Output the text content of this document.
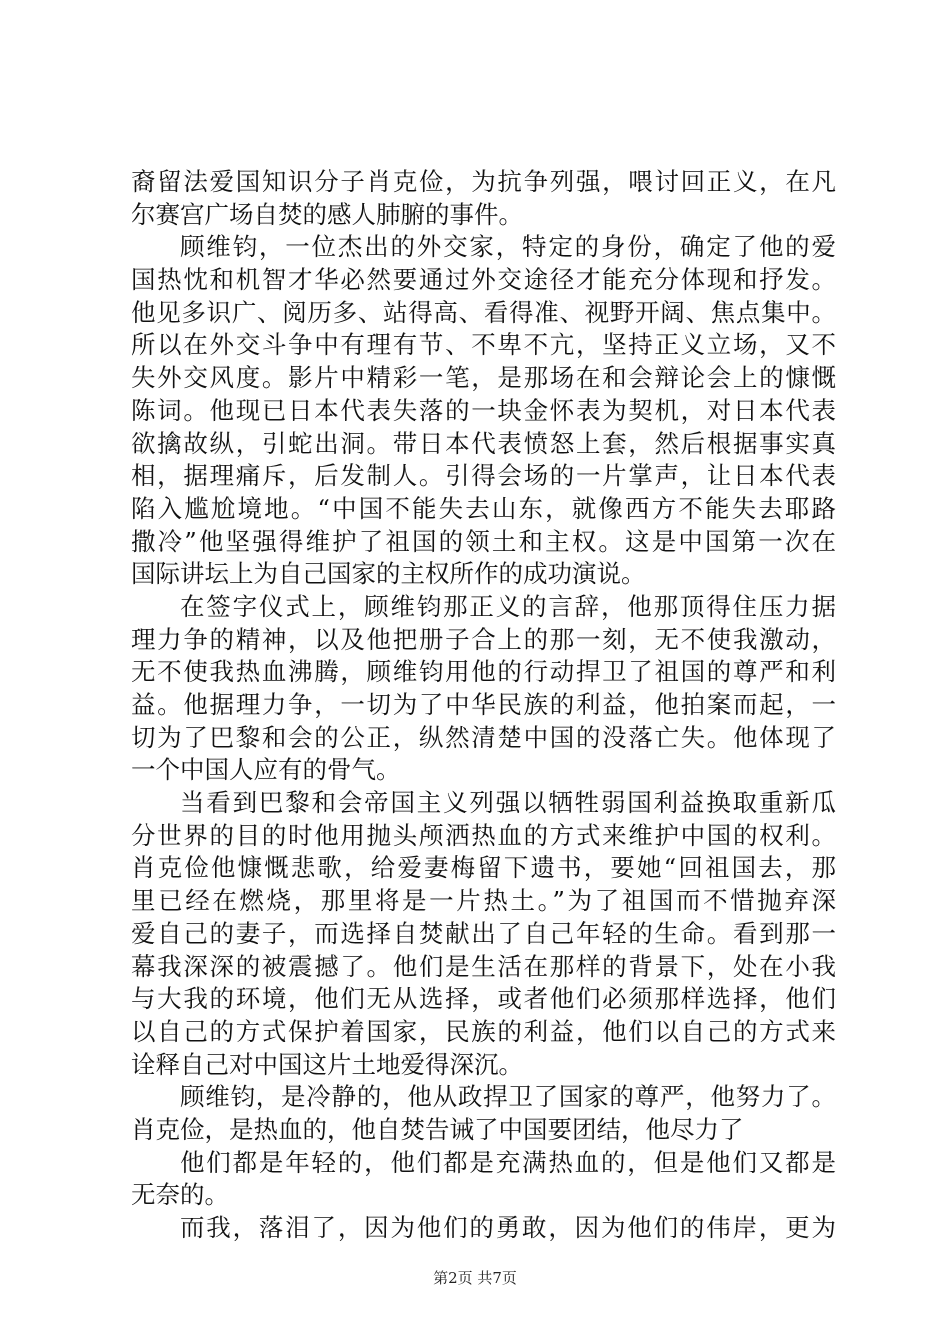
裔留法爱国知识分子肖克俭，为抗争列强，喂讨回正义，在凡
尔赛宫广场自焚的感人肺腑的事件。
顾维钧，一位杰出的外交家，特定的身份，确定了他的爱
国热忱和机智才华必然要通过外交途径才能充分体现和抒发。
他见多识广、阅历多、站得高、看得准、视野开阔、焦点集中。
所以在外交斗争中有理有节、不卑不亢，坚持正义立场，又不
失外交风度。影片中精彩一笔，是那场在和会辩论会上的慷慨
陈词。他现已日本代表失落的一块金怀表为契机，对日本代表
欲擒故纵，引蛇出洞。带日本代表愤怒上套，然后根据事实真
相，据理痛斥，后发制人。引得会场的一片掌声，让日本代表
陷入尴尬境地。“中国不能失去山东，就像西方不能失去耶路
撒冷”他坚强得维护了祖国的领土和主权。这是中国第一次在
国际讲坛上为自己国家的主权所作的成功演说。
在签字仪式上，顾维钧那正义的言辞，他那顶得住压力据
理力争的精神，以及他把册子合上的那一刻，无不使我激动，
无不使我热血沸腾，顾维钧用他的行动捍卫了祖国的尊严和利
益。他据理力争，一切为了中华民族的利益，他拍案而起，一
切为了巴黎和会的公正，纵然清楚中国的没落亡失。他体现了
一个中国人应有的骨气。
当看到巴黎和会帝国主义列强以牺牲弱国利益换取重新瓜
分世界的目的时他用抛头颅洒热血的方式来维护中国的权利。
肖克俭他慷慨悲歌，给爱妻梅留下遗书，要她“回祖国去，那
里已经在燃烧，那里将是一片热土。”为了祖国而不惜抛弃深
爱自己的妻子，而选择自焚献出了自己年轻的生命。看到那一
幕我深深的被震撼了。他们是生活在那样的背景下，处在小我
与大我的环境，他们无从选择，或者他们必须那样选择，他们
以自己的方式保护着国家，民族的利益，他们以自己的方式来
诠释自己对中国这片土地爱得深沉。
顾维钧，是冷静的，他从政捍卫了国家的尊严，他努力了。
肖克俭，是热血的，他自焚告诫了中国要团结，他尽力了
他们都是年轻的，他们都是充满热血的，但是他们又都是
无奈的。
而我，落泪了，因为他们的勇敢，因为他们的伟岸，更为
第2页 共7页
